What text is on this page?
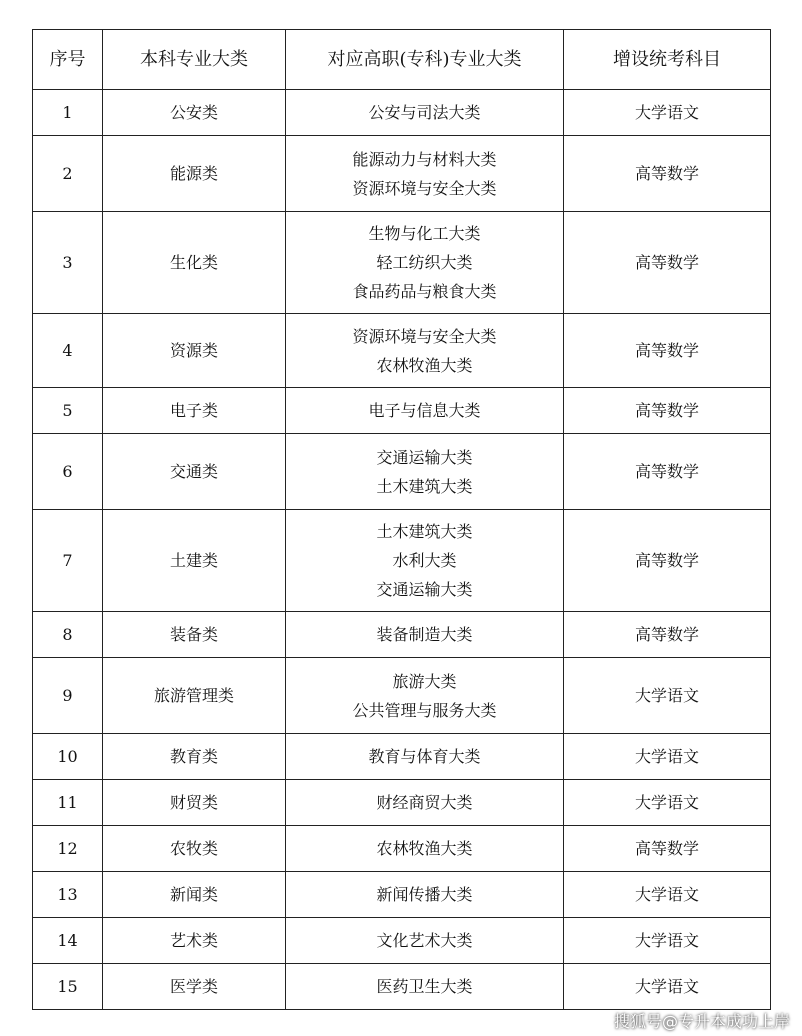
序号	本科专业大类	对应高职(专科)专业大类	增设统考科目
1	公安类	公安与司法大类	大学语文
2	能源类	能源动力与材料大类
资源环境与安全大类	高等数学
3	生化类	生物与化工大类
轻工纺织大类
食品药品与粮食大类	高等数学
4	资源类	资源环境与安全大类
农林牧渔大类	高等数学
5	电子类	电子与信息大类	高等数学
6	交通类	交通运输大类
土木建筑大类	高等数学
7	土建类	土木建筑大类
水利大类
交通运输大类	高等数学
8	装备类	装备制造大类	高等数学
9	旅游管理类	旅游大类
公共管理与服务大类	大学语文
10	教育类	教育与体育大类	大学语文
11	财贸类	财经商贸大类	大学语文
12	农牧类	农林牧渔大类	高等数学
13	新闻类	新闻传播大类	大学语文
14	艺术类	文化艺术大类	大学语文
15	医学类	医药卫生大类	大学语文
搜狐号@专升本成功上岸
